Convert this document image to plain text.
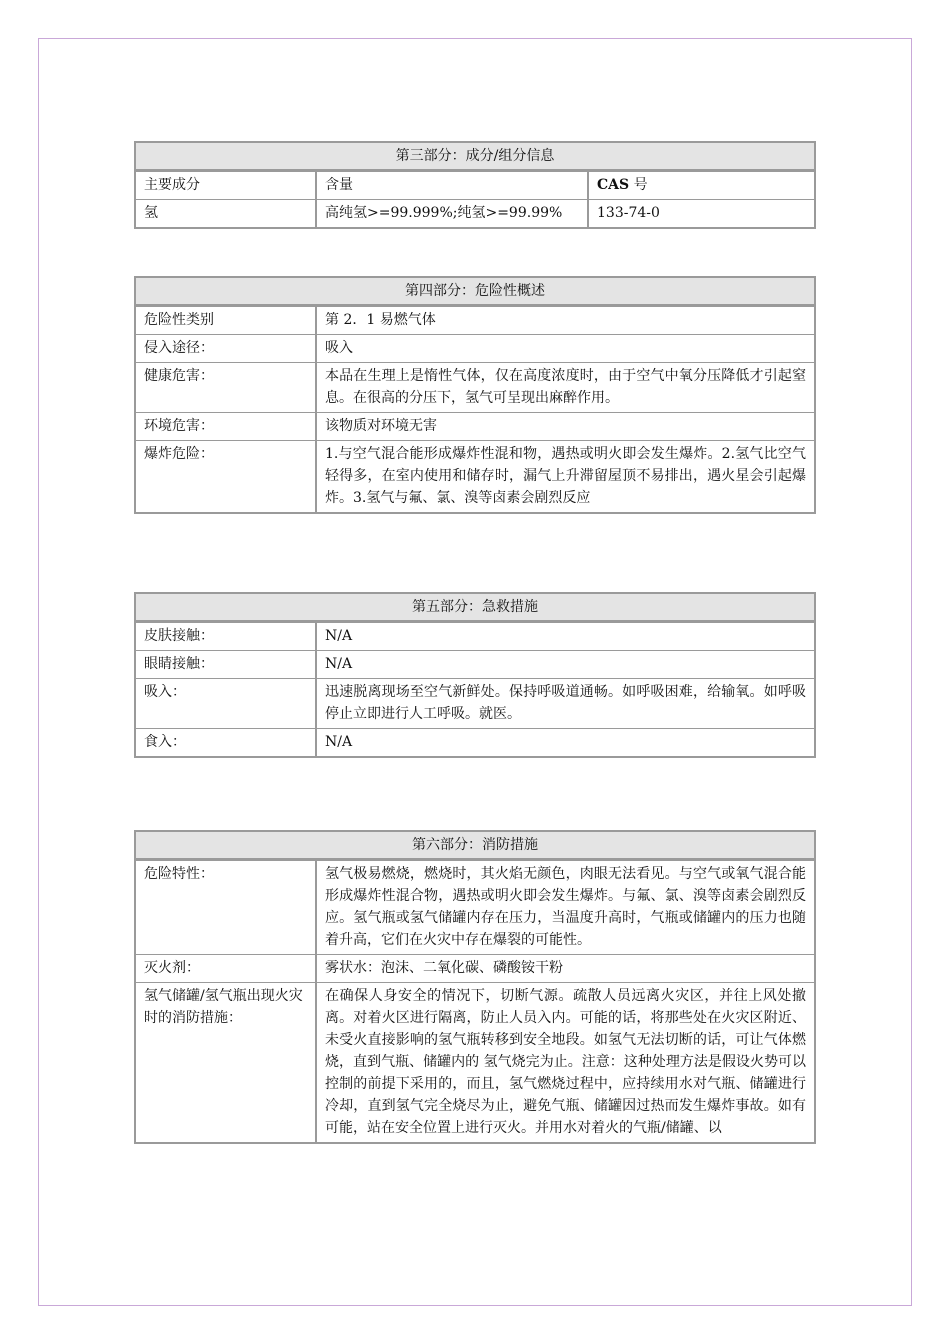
第三部分：成分/组分信息
主要成分	含量	CAS 号
氢	高纯氢>=99.999%;纯氢>=99.99%	133-74-0
第四部分：危险性概述
危险性类别	第 2．1 易燃气体
侵入途径：	吸入
健康危害：	本品在生理上是惰性气体，仅在高度浓度时，由于空气中氧分压降低才引起窒息。在很高的分压下，氢气可呈现出麻醉作用。
环境危害：	该物质对环境无害
爆炸危险：	1.与空气混合能形成爆炸性混和物，遇热或明火即会发生爆炸。2.氢气比空气轻得多，在室内使用和储存时，漏气上升滞留屋顶不易排出，遇火星会引起爆炸。3.氢气与氟、氯、溴等卤素会剧烈反应
第五部分：急救措施
皮肤接触：	N/A
眼睛接触：	N/A
吸入：	迅速脱离现场至空气新鲜处。保持呼吸道通畅。如呼吸困难，给输氧。如呼吸停止立即进行人工呼吸。就医。
食入：	N/A
第六部分：消防措施
危险特性：	氢气极易燃烧，燃烧时，其火焰无颜色，肉眼无法看见。与空气或氧气混合能形成爆炸性混合物，遇热或明火即会发生爆炸。与氟、氯、溴等卤素会剧烈反应。氢气瓶或氢气储罐内存在压力，当温度升高时，气瓶或储罐内的压力也随着升高，它们在火灾中存在爆裂的可能性。
灭火剂：	雾状水：泡沫、二氧化碳、磷酸铵干粉
氢气储罐/氢气瓶出现火灾时的消防措施：
在确保人身安全的情况下，切断气源。疏散人员远离火灾区，并往上风处撤离。对着火区进行隔离，防止人员入内。可能的话，将那些处在火灾区附近、未受火直接影响的氢气瓶转移到安全地段。如氢气无法切断的话，可让气体燃烧，直到气瓶、储罐内的 氢气烧完为止。注意：这种处理方法是假设火势可以控制的前提下采用的，而且，氢气燃烧过程中，应持续用水对气瓶、储罐进行冷却，直到氢气完全烧尽为止，避免气瓶、储罐因过热而发生爆炸事故。如有可能，站在安全位置上进行灭火。并用水对着火的气瓶/储罐、以
